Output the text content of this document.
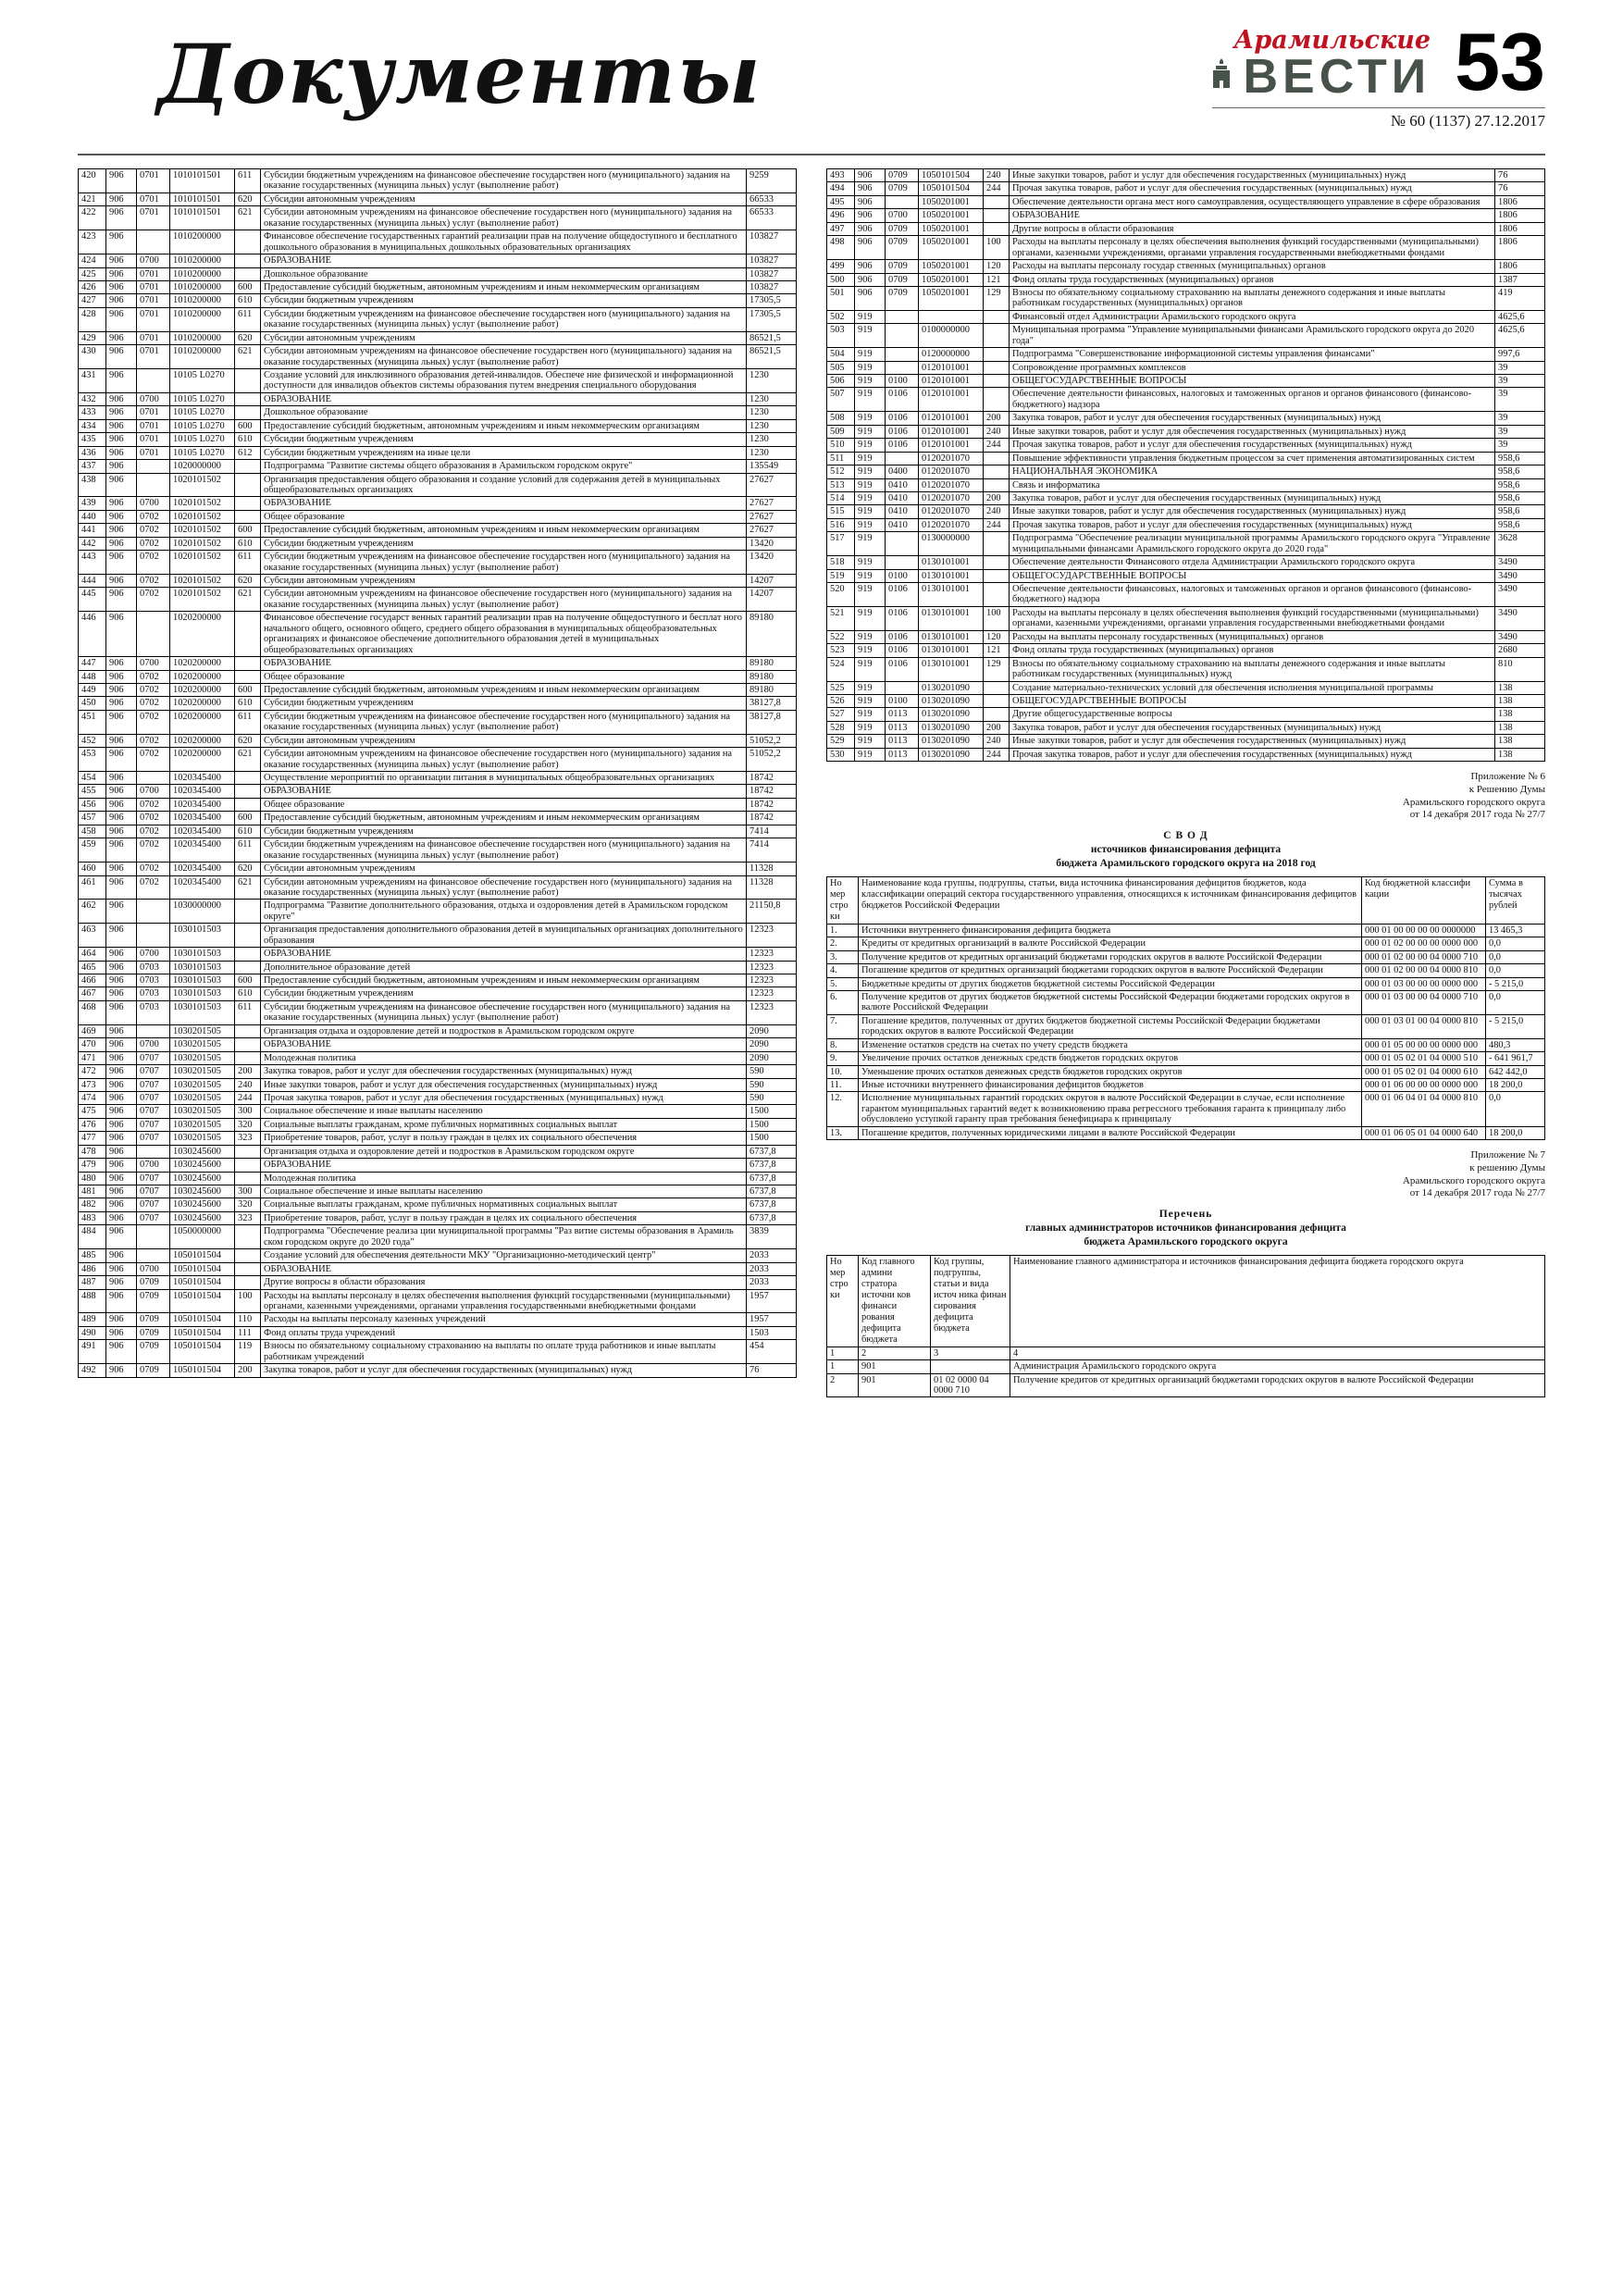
Документы	Арамильские
ВЕСТИ 53
№ 60 (1137) 27.12.2017
420	906	0701	1010101501	611	Субсидии бюджетным учреждениям на финансовое обеспечение государствен ного (муниципального) задания на оказание государственных (муниципа льных) услуг (выполнение работ)	9259
421	906	0701	1010101501	620	Субсидии автономным учреждениям	66533
422	906	0701	1010101501	621	Субсидии автономным учреждениям на финансовое обеспечение государствен ного (муниципального) задания на оказание государственных (муниципа льных) услуг (выполнение работ)	66533
423	906		1010200000		Финансовое обеспечение государственных гарантий реализации прав на получение общедоступного и бесплатного дошкольного образования в муниципальных дошкольных образовательных организациях	103827
424	906	0700	1010200000		ОБРАЗОВАНИЕ	103827
425	906	0701	1010200000		Дошкольное образование	103827
426	906	0701	1010200000	600	Предоставление субсидий бюджетным, автономным учреждениям и иным некоммерческим организациям	103827
427	906	0701	1010200000	610	Субсидии бюджетным учреждениям	17305,5
428	906	0701	1010200000	611	Субсидии бюджетным учреждениям на финансовое обеспечение государствен ного (муниципального) задания на оказание государственных (муниципа льных) услуг (выполнение работ)	17305,5
429	906	0701	1010200000	620	Субсидии автономным учреждениям	86521,5
430	906	0701	1010200000	621	Субсидии автономным учреждениям на финансовое обеспечение государствен ного (муниципального) задания на оказание государственных (муниципа льных) услуг (выполнение работ)	86521,5
431	906		10105 L0270		Создание условий для инклюзивного образования детей-инвалидов. Обеспече ние физической и информационной доступности для инвалидов объектов системы образования путем внедрения специального оборудования	1230
432	906	0700	10105 L0270		ОБРАЗОВАНИЕ	1230
433	906	0701	10105 L0270		Дошкольное образование	1230
434	906	0701	10105 L0270	600	Предоставление субсидий бюджетным, автономным учреждениям и иным некоммерческим организациям	1230
435	906	0701	10105 L0270	610	Субсидии бюджетным учреждениям	1230
436	906	0701	10105 L0270	612	Субсидии бюджетным учреждениям на иные цели	1230
437	906		1020000000		Подпрограмма "Развитие системы общего образования в Арамильском городском округе"	135549
438	906		1020101502		Организация предоставления общего образования и создание условий для содержания детей в муниципальных общеобразовательных организациях	27627
439	906	0700	1020101502		ОБРАЗОВАНИЕ	27627
440	906	0702	1020101502		Общее образование	27627
441	906	0702	1020101502	600	Предоставление субсидий бюджетным, автономным учреждениям и иным некоммерческим организациям	27627
442	906	0702	1020101502	610	Субсидии бюджетным учреждениям	13420
443	906	0702	1020101502	611	Субсидии бюджетным учреждениям на финансовое обеспечение государствен ного (муниципального) задания на оказание государственных (муниципа льных) услуг (выполнение работ)	13420
444	906	0702	1020101502	620	Субсидии автономным учреждениям	14207
445	906	0702	1020101502	621	Субсидии автономным учреждениям на финансовое обеспечение государствен ного (муниципального) задания на оказание государственных (муниципа льных) услуг (выполнение работ)	14207
446	906		1020200000		Финансовое обеспечение государст венных гарантий реализации прав на получение общедоступного и бесплат ного начального общего, основного общего, среднего общего образования в муниципальных общеобразовательных организациях и финансовое обеспечение дополнительного образования детей в муниципальных общеобразовательных организациях	89180
447	906	0700	1020200000		ОБРАЗОВАНИЕ	89180
448	906	0702	1020200000		Общее образование	89180
449	906	0702	1020200000	600	Предоставление субсидий бюджетным, автономным учреждениям и иным некоммерческим организациям	89180
450	906	0702	1020200000	610	Субсидии бюджетным учреждениям	38127,8
451	906	0702	1020200000	611	Субсидии бюджетным учреждениям на финансовое обеспечение государствен ного (муниципального) задания на оказание государственных (муниципа льных) услуг (выполнение работ)	38127,8
452	906	0702	1020200000	620	Субсидии автономным учреждениям	51052,2
453	906	0702	1020200000	621	Субсидии автономным учреждениям на финансовое обеспечение государствен ного (муниципального) задания на оказание государственных (муниципа льных) услуг (выполнение работ)	51052,2
454	906		1020345400		Осуществление мероприятий по организации питания в муниципальных общеобразовательных организациях	18742
455	906	0700	1020345400		ОБРАЗОВАНИЕ	18742
456	906	0702	1020345400		Общее образование	18742
457	906	0702	1020345400	600	Предоставление субсидий бюджетным, автономным учреждениям и иным некоммерческим организациям	18742
458	906	0702	1020345400	610	Субсидии бюджетным учреждениям	7414
459	906	0702	1020345400	611	Субсидии бюджетным учреждениям на финансовое обеспечение государствен ного (муниципального) задания на оказание государственных (муниципа льных) услуг (выполнение работ)	7414
460	906	0702	1020345400	620	Субсидии автономным учреждениям	11328
461	906	0702	1020345400	621	Субсидии автономным учреждениям на финансовое обеспечение государствен ного (муниципального) задания на оказание государственных (муниципа льных) услуг (выполнение работ)	11328
462	906		1030000000		Подпрограмма "Развитие дополнительного образования, отдыха и оздоровления детей в Арамильском городском округе"	21150,8
463	906		1030101503		Организация предоставления дополнительного образования детей в муниципальных организациях дополнительного образования	12323
464	906	0700	1030101503		ОБРАЗОВАНИЕ	12323
465	906	0703	1030101503		Дополнительное образование детей	12323
466	906	0703	1030101503	600	Предоставление субсидий бюджетным, автономным учреждениям и иным некоммерческим организациям	12323
467	906	0703	1030101503	610	Субсидии бюджетным учреждениям	12323
468	906	0703	1030101503	611	Субсидии бюджетным учреждениям на финансовое обеспечение государствен ного (муниципального) задания на оказание государственных (муниципа льных) услуг (выполнение работ)	12323
469	906		1030201505		Организация отдыха и оздоровление детей и подростков в Арамильском городском округе	2090
470	906	0700	1030201505		ОБРАЗОВАНИЕ	2090
471	906	0707	1030201505		Молодежная политика	2090
472	906	0707	1030201505	200	Закупка товаров, работ и услуг для обеспечения государственных (муниципальных) нужд	590
473	906	0707	1030201505	240	Иные закупки товаров, работ и услуг для обеспечения государственных (муниципальных) нужд	590
474	906	0707	1030201505	244	Прочая закупка товаров, работ и услуг для обеспечения государственных (муниципальных) нужд	590
475	906	0707	1030201505	300	Социальное обеспечение и иные выплаты населению	1500
476	906	0707	1030201505	320	Социальные выплаты гражданам, кроме публичных нормативных социальных выплат	1500
477	906	0707	1030201505	323	Приобретение товаров, работ, услуг в пользу граждан в целях их социального обеспечения	1500
478	906		1030245600		Организация отдыха и оздоровление детей и подростков в Арамильском городском округе	6737,8
479	906	0700	1030245600		ОБРАЗОВАНИЕ	6737,8
480	906	0707	1030245600		Молодежная политика	6737,8
481	906	0707	1030245600	300	Социальное обеспечение и иные выплаты населению	6737,8
482	906	0707	1030245600	320	Социальные выплаты гражданам, кроме публичных нормативных социальных выплат	6737,8
483	906	0707	1030245600	323	Приобретение товаров, работ, услуг в пользу граждан в целях их социального обеспечения	6737,8
484	906		1050000000		Подпрограмма "Обеспечение реализа ции муниципальной программы "Раз витие системы образования в Арамиль ском городском округе до 2020 года"	3839
485	906		1050101504		Создание условий для обеспечения деятельности МКУ "Организационно-методический центр"	2033
486	906	0700	1050101504		ОБРАЗОВАНИЕ	2033
487	906	0709	1050101504		Другие вопросы в области образования	2033
488	906	0709	1050101504	100	Расходы на выплаты персоналу в целях обеспечения выполнения функций государственными (муниципальными) органами, казенными учреждениями, органами управления государственными внебюджетными фондами	1957
489	906	0709	1050101504	110	Расходы на выплаты персоналу казенных учреждений	1957
490	906	0709	1050101504	111	Фонд оплаты труда учреждений	1503
491	906	0709	1050101504	119	Взносы по обязательному социальному страхованию на выплаты по оплате труда работников и иные выплаты работникам учреждений	454
492	906	0709	1050101504	200	Закупка товаров, работ и услуг для обеспечения государственных (муниципальных) нужд	76
493	906	0709	1050101504	240	Иные закупки товаров, работ и услуг для обеспечения государственных (муниципальных) нужд	76
494	906	0709	1050101504	244	Прочая закупка товаров, работ и услуг для обеспечения государственных (муниципальных) нужд	76
495	906		1050201001		Обеспечение деятельности органа мест ного самоуправления, осуществляющего управление в сфере образования	1806
496	906	0700	1050201001		ОБРАЗОВАНИЕ	1806
497	906	0709	1050201001		Другие вопросы в области образования	1806
498	906	0709	1050201001	100	Расходы на выплаты персоналу в целях обеспечения выполнения функций государственными (муниципальными) органами, казенными учреждениями, органами управления государственными внебюджетными фондами	1806
499	906	0709	1050201001	120	Расходы на выплаты персоналу государ ственных (муниципальных) органов	1806
500	906	0709	1050201001	121	Фонд оплаты труда государственных (муниципальных) органов	1387
501	906	0709	1050201001	129	Взносы по обязательному социальному страхованию на выплаты денежного содержания и иные выплаты работникам государственных (муниципальных) органов	419
502	919				Финансовый отдел Администрации Арамильского городского округа	4625,6
503	919		0100000000		Муниципальная программа "Управление муниципальными финансами Арамильского городского округа до 2020 года"	4625,6
504	919		0120000000		Подпрограмма "Совершенствование информационной системы управления финансами"	997,6
505	919		0120101001		Сопровождение программных комплексов	39
506	919	0100	0120101001		ОБЩЕГОСУДАРСТВЕННЫЕ ВОПРОСЫ	39
507	919	0106	0120101001		Обеспечение деятельности финансовых, налоговых и таможенных органов и органов финансового (финансово-бюджетного) надзора	39
508	919	0106	0120101001	200	Закупка товаров, работ и услуг для обеспечения государственных (муниципальных) нужд	39
509	919	0106	0120101001	240	Иные закупки товаров, работ и услуг для обеспечения государственных (муниципальных) нужд	39
510	919	0106	0120101001	244	Прочая закупка товаров, работ и услуг для обеспечения государственных (муниципальных) нужд	39
511	919		0120201070		Повышение эффективности управления бюджетным процессом за счет применения автоматизированных систем	958,6
512	919	0400	0120201070		НАЦИОНАЛЬНАЯ ЭКОНОМИКА	958,6
513	919	0410	0120201070		Связь и информатика	958,6
514	919	0410	0120201070	200	Закупка товаров, работ и услуг для обеспечения государственных (муниципальных) нужд	958,6
515	919	0410	0120201070	240	Иные закупки товаров, работ и услуг для обеспечения государственных (муниципальных) нужд	958,6
516	919	0410	0120201070	244	Прочая закупка товаров, работ и услуг для обеспечения государственных (муниципальных) нужд	958,6
517	919		0130000000		Подпрограмма "Обеспечение реализации муниципальной программы Арамильского городского округа "Управление муниципальными финансами Арамильского городского округа до 2020 года"	3628
518	919		0130101001		Обеспечение деятельности Финансового отдела Администрации Арамильского городского округа	3490
519	919	0100	0130101001		ОБЩЕГОСУДАРСТВЕННЫЕ ВОПРОСЫ	3490
520	919	0106	0130101001		Обеспечение деятельности финансовых, налоговых и таможенных органов и органов финансового (финансово-бюджетного) надзора	3490
521	919	0106	0130101001	100	Расходы на выплаты персоналу в целях обеспечения выполнения функций государственными (муниципальными) органами, казенными учреждениями, органами управления государственными внебюджетными фондами	3490
522	919	0106	0130101001	120	Расходы на выплаты персоналу государственных (муниципальных) органов	3490
523	919	0106	0130101001	121	Фонд оплаты труда государственных (муниципальных) органов	2680
524	919	0106	0130101001	129	Взносы по обязательному социальному страхованию на выплаты денежного содержания и иные выплаты работникам государственных (муниципальных) нужд	810
525	919		0130201090		Создание материально-технических условий для обеспечения исполнения муниципальной программы	138
526	919	0100	0130201090		ОБЩЕГОСУДАРСТВЕННЫЕ ВОПРОСЫ	138
527	919	0113	0130201090		Другие общегосударственные вопросы	138
528	919	0113	0130201090	200	Закупка товаров, работ и услуг для обеспечения государственных (муниципальных) нужд	138
529	919	0113	0130201090	240	Иные закупки товаров, работ и услуг для обеспечения государственных (муниципальных) нужд	138
530	919	0113	0130201090	244	Прочая закупка товаров, работ и услуг для обеспечения государственных (муниципальных) нужд	138
Приложение № 6
к Решению Думы
Арамильского городского округа
от 14 декабря 2017 года № 27/7
С В О Д
источников финансирования дефицита
бюджета Арамильского городского округа на 2018 год
Но мер стро ки	Наименование кода группы, подгруппы, статьи, вида источника финансирования дефицитов бюджетов, кода классификации операций сектора государственного управления, относящихся к источникам финансирования дефицитов бюджетов Российской Федерации	Код бюджетной классифи кации	Сумма в тысячах рублей
1.	Источники внутреннего финансирования дефицита бюджета	000 01 00 00 00 00 0000000	13 465,3
2.	Кредиты от кредитных организаций в валюте Российской Федерации	000 01 02 00 00 00 0000 000	0,0
3.	Получение кредитов от кредитных организаций бюджетами городских округов в валюте Российской Федерации	000 01 02 00 00 04 0000 710	0,0
4.	Погашение кредитов от кредитных организаций бюджетами городских округов в валюте Российской Федерации	000 01 02 00 00 04 0000 810	0,0
5.	Бюджетные кредиты от других бюджетов бюджетной системы Российской Федерации	000 01 03 00 00 00 0000 000	- 5 215,0
6.	Получение кредитов от других бюджетов бюджетной системы Российской Федерации бюджетами городских округов в валюте Российской Федерации	000 01 03 00 00 04 0000 710	0,0
7.	Погашение кредитов, полученных от других бюджетов бюджетной системы Российской Федерации бюджетами городских округов в валюте Российской Федерации	000 01 03 01 00 04 0000 810	- 5 215,0
8.	Изменение остатков средств на счетах по учету средств бюджета	000 01 05 00 00 00 0000 000	480,3
9.	Увеличение прочих остатков денежных средств бюджетов городских округов	000 01 05 02 01 04 0000 510	- 641 961,7
10.	Уменьшение прочих остатков денежных средств бюджетов городских округов	000 01 05 02 01 04 0000 610	642 442,0
11.	Иные источники внутреннего финансирования дефицитов бюджетов	000 01 06 00 00 00 0000 000	18 200,0
12.	Исполнение муниципальных гарантий городских округов в валюте Российской Федерации в случае, если исполнение гарантом муниципальных гарантий ведет к возникновению права регрессного требования гаранта к принципалу либо обусловлено уступкой гаранту прав требования бенефициара к принципалу	000 01 06 04 01 04 0000 810	0,0
13.	Погашение кредитов, полученных юридическими лицами в валюте Российской Федерации	000 01 06 05 01 04 0000 640	18 200,0
Приложение № 7
к решению Думы
Арамильского городского округа
от 14 декабря 2017 года № 27/7
Перечень
главных администраторов источников финансирования дефицита
бюджета Арамильского городского округа
Но мер стро ки	Код главного админи стратора источни ков финанси рования дефицита бюджета	Код группы, подгруппы, статьи и вида источ ника финан сирования дефицита бюджета	Наименование главного администратора и источников финансирования дефицита бюджета городского округа
1	2	3	4
1	901		Администрация Арамильского городского округа
2	901	01 02 0000 04 0000 710	Получение кредитов от кредитных организаций бюджетами городских округов в валюте Российской Федерации
